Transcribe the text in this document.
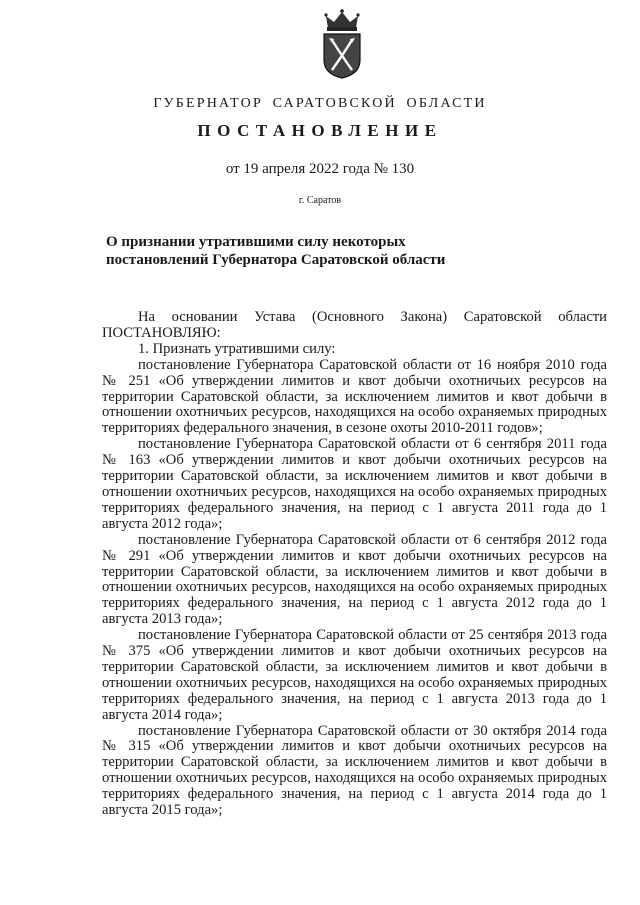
ГУБЕРНАТОР САРАТОВСКОЙ ОБЛАСТИ
ПОСТАНОВЛЕНИЕ
от 19 апреля 2022 года № 130
г. Саратов
О признании утратившими силу некоторых
постановлений Губернатора Саратовской области

На основании Устава (Основного Закона) Саратовской области ПОСТАНОВЛЯЮ:

1. Признать утратившими силу:

постановление Губернатора Саратовской области от 16 ноября 2010 года № 251 «Об утверждении лимитов и квот добычи охотничьих ресурсов на территории Саратовской области, за исключением лимитов и квот добычи в отношении охотничьих ресурсов, находящихся на особо охраняемых природных территориях федерального значения, в сезоне охоты 2010-2011 годов»;

постановление Губернатора Саратовской области от 6 сентября 2011 года № 163 «Об утверждении лимитов и квот добычи охотничьих ресурсов на территории Саратовской области, за исключением лимитов и квот добычи в отношении охотничьих ресурсов, находящихся на особо охраняемых природных территориях федерального значения, на период с 1 августа 2011 года до 1 августа 2012 года»;

постановление Губернатора Саратовской области от 6 сентября 2012 года № 291 «Об утверждении лимитов и квот добычи охотничьих ресурсов на территории Саратовской области, за исключением лимитов и квот добычи в отношении охотничьих ресурсов, находящихся на особо охраняемых природных территориях федерального значения, на период с 1 августа 2012 года до 1 августа 2013 года»;

постановление Губернатора Саратовской области от 25 сентября 2013 года № 375 «Об утверждении лимитов и квот добычи охотничьих ресурсов на территории Саратовской области, за исключением лимитов и квот добычи в отношении охотничьих ресурсов, находящихся на особо охраняемых природных территориях федерального значения, на период с 1 августа 2013 года до 1 августа 2014 года»;

постановление Губернатора Саратовской области от 30 октября 2014 года № 315 «Об утверждении лимитов и квот добычи охотничьих ресурсов на территории Саратовской области, за исключением лимитов и квот добычи в отношении охотничьих ресурсов, находящихся на особо охраняемых природных территориях федерального значения, на период с 1 августа 2014 года до 1 августа 2015 года»;
